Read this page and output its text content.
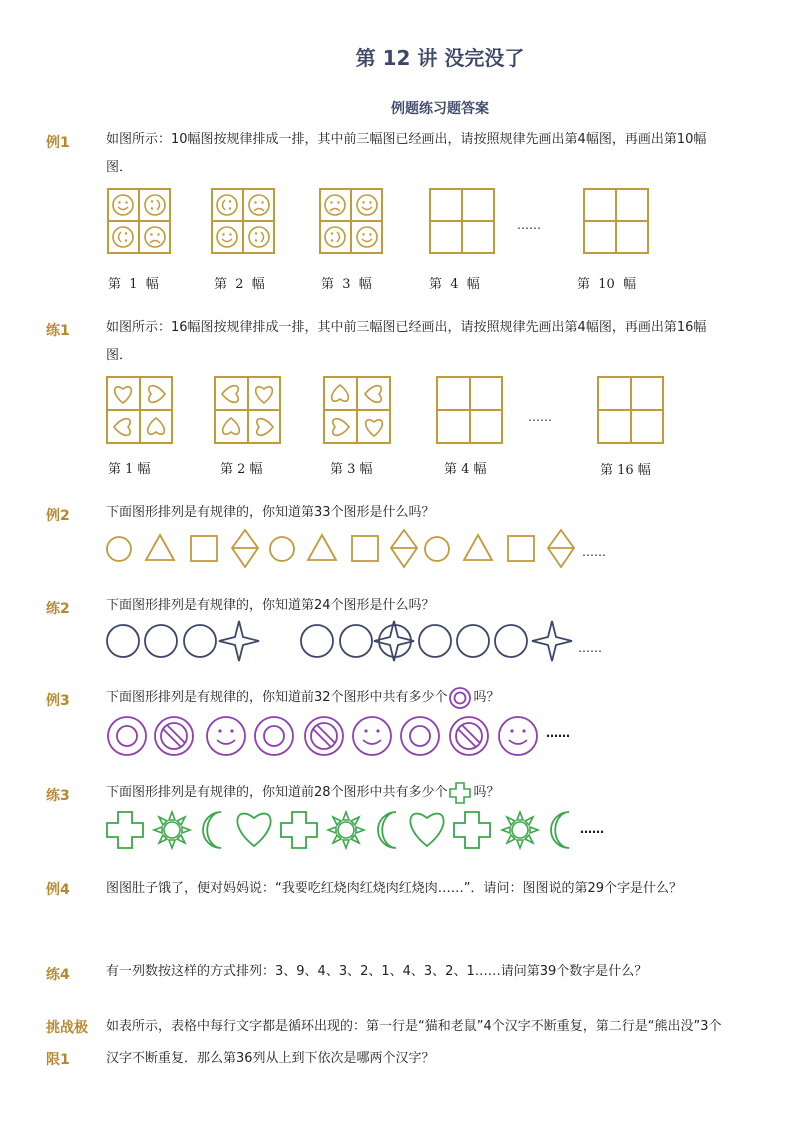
第 12 讲 没完没了
例题练习题答案
例1	如图所示：10幅图按规律排成一排，其中前三幅图已经画出，请按照规律先画出第4幅图，再画出第10幅图．
……
第  1  幅	第  2  幅	第  3  幅	第  4  幅	第  10  幅
练1	如图所示：16幅图按规律排成一排，其中前三幅图已经画出，请按照规律先画出第4幅图，再画出第16幅图．
……
第 1 幅	第 2 幅	第 3 幅	第 4 幅	第 16 幅
例2	下面图形排列是有规律的，你知道第33个图形是什么吗？
……
练2	下面图形排列是有规律的，你知道第24个图形是什么吗？
……
例3	下面图形排列是有规律的，你知道前32个图形中共有多少个 吗？
……
练3	下面图形排列是有规律的，你知道前28个图形中共有多少个 吗？
……
例4	图图肚子饿了，便对妈妈说：“我要吃红烧肉红烧肉红烧肉……”．请问：图图说的第29个字是什么？
练4	有一列数按这样的方式排列：3、9、4、3、2、1、4、3、2、1……请问第39个数字是什么？
挑战极
限1
如表所示，表格中每行文字都是循环出现的：第一行是“猫和老鼠”4个汉字不断重复，第二行是“熊出没”3个汉字不断重复．那么第36列从上到下依次是哪两个汉字？
